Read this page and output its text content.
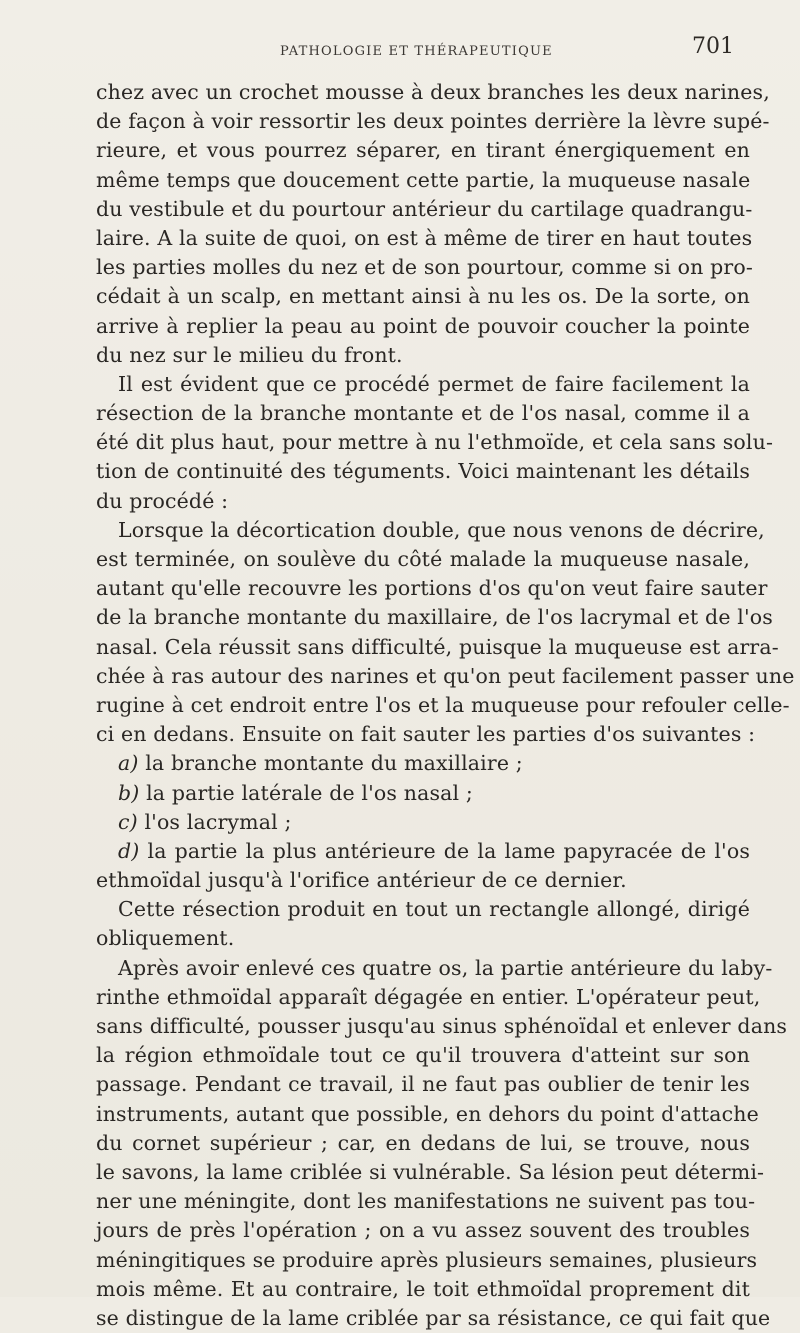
PATHOLOGIE ET THÉRAPEUTIQUE	701
chez avec un crochet mousse à deux branches les deux narines,
de façon à voir ressortir les deux pointes derrière la lèvre supé-
rieure, et vous pourrez séparer, en tirant énergiquement en
même temps que doucement cette partie, la muqueuse nasale
du vestibule et du pourtour antérieur du cartilage quadrangu-
laire. A la suite de quoi, on est à même de tirer en haut toutes
les parties molles du nez et de son pourtour, comme si on pro-
cédait à un scalp, en mettant ainsi à nu les os. De la sorte, on
arrive à replier la peau au point de pouvoir coucher la pointe
du nez sur le milieu du front.
Il est évident que ce procédé permet de faire facilement la
résection de la branche montante et de l'os nasal, comme il a
été dit plus haut, pour mettre à nu l'ethmoïde, et cela sans solu-
tion de continuité des téguments. Voici maintenant les détails
du procédé :
Lorsque la décortication double, que nous venons de décrire,
est terminée, on soulève du côté malade la muqueuse nasale,
autant qu'elle recouvre les portions d'os qu'on veut faire sauter
de la branche montante du maxillaire, de l'os lacrymal et de l'os
nasal. Cela réussit sans difficulté, puisque la muqueuse est arra-
chée à ras autour des narines et qu'on peut facilement passer une
rugine à cet endroit entre l'os et la muqueuse pour refouler celle-
ci en dedans. Ensuite on fait sauter les parties d'os suivantes :
a) la branche montante du maxillaire ;
b) la partie latérale de l'os nasal ;
c) l'os lacrymal ;
d) la partie la plus antérieure de la lame papyracée de l'os
ethmoïdal jusqu'à l'orifice antérieur de ce dernier.
Cette résection produit en tout un rectangle allongé, dirigé
obliquement.
Après avoir enlevé ces quatre os, la partie antérieure du laby-
rinthe ethmoïdal apparaît dégagée en entier. L'opérateur peut,
sans difficulté, pousser jusqu'au sinus sphénoïdal et enlever dans
la région ethmoïdale tout ce qu'il trouvera d'atteint sur son
passage. Pendant ce travail, il ne faut pas oublier de tenir les
instruments, autant que possible, en dehors du point d'attache
du cornet supérieur ; car, en dedans de lui, se trouve, nous
le savons, la lame criblée si vulnérable. Sa lésion peut détermi-
ner une méningite, dont les manifestations ne suivent pas tou-
jours de près l'opération ; on a vu assez souvent des troubles
méningitiques se produire après plusieurs semaines, plusieurs
mois même. Et au contraire, le toit ethmoïdal proprement dit
se distingue de la lame criblée par sa résistance, ce qui fait que
